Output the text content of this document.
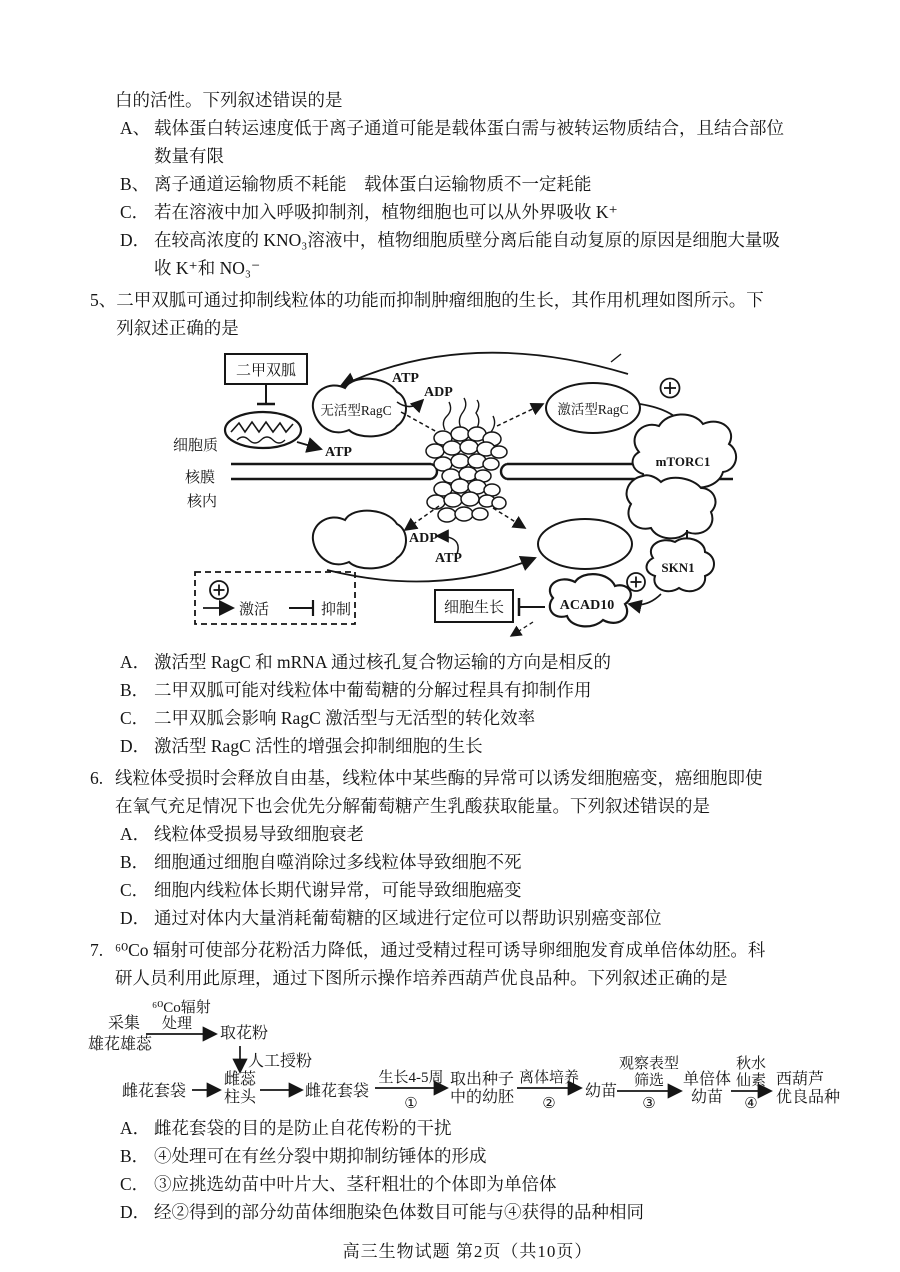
白的活性。下列叙述错误的是
A、 载体蛋白转运速度低于离子通道可能是载体蛋白需与被转运物质结合，且结合部位
数量有限
B、 离子通道运输物质不耗能　载体蛋白运输物质不一定耗能
C． 若在溶液中加入呼吸抑制剂，植物细胞也可以从外界吸收 K⁺
D． 在较高浓度的 KNO₃溶液中，植物细胞质壁分离后能自动复原的原因是细胞大量吸
收 K⁺和 NO₃⁻
5、 二甲双胍可通过抑制线粒体的功能而抑制肿瘤细胞的生长，其作用机理如图所示。下
列叙述正确的是
二甲双胍
细胞质	ATP
核膜
核内
无活型RagC
ATP
ADP
激活型RagC
mTORC1
SKN1
ACAD10
细胞生长
ADP
ATP
激活	抑制
A． 激活型 RagC 和 mRNA 通过核孔复合物运输的方向是相反的
B． 二甲双胍可能对线粒体中葡萄糖的分解过程具有抑制作用
C． 二甲双胍会影响 RagC 激活型与无活型的转化效率
D． 激活型 RagC 活性的增强会抑制细胞的生长
6. 线粒体受损时会释放自由基，线粒体中某些酶的异常可以诱发细胞癌变，癌细胞即使
在氧气充足情况下也会优先分解葡萄糖产生乳酸获取能量。下列叙述错误的是
A． 线粒体受损易导致细胞衰老
B． 细胞通过细胞自噬消除过多线粒体导致细胞不死
C． 细胞内线粒体长期代谢异常，可能导致细胞癌变
D． 通过对体内大量消耗葡萄糖的区域进行定位可以帮助识别癌变部位
7. ⁶⁰Co 辐射可使部分花粉活力降低，通过受精过程可诱导卵细胞发育成单倍体幼胚。科
研人员利用此原理，通过下图所示操作培养西葫芦优良品种。下列叙述正确的是
采集
雄花雄蕊
⁶⁰Co辐射
处理
取花粉
人工授粉
雌花套袋
雌蕊
柱头	雌花套袋
生长4-5周
①
取出种子
中的幼胚
离体培养
②
幼苗
观察表型
筛选
③
单倍体
幼苗
秋水
仙素
④
西葫芦
优良品种
A． 雌花套袋的目的是防止自花传粉的干扰
B． ④处理可在有丝分裂中期抑制纺锤体的形成
C． ③应挑选幼苗中叶片大、茎秆粗壮的个体即为单倍体
D． 经②得到的部分幼苗体细胞染色体数目可能与④获得的品种相同
高三生物试题 第2页（共10页）
